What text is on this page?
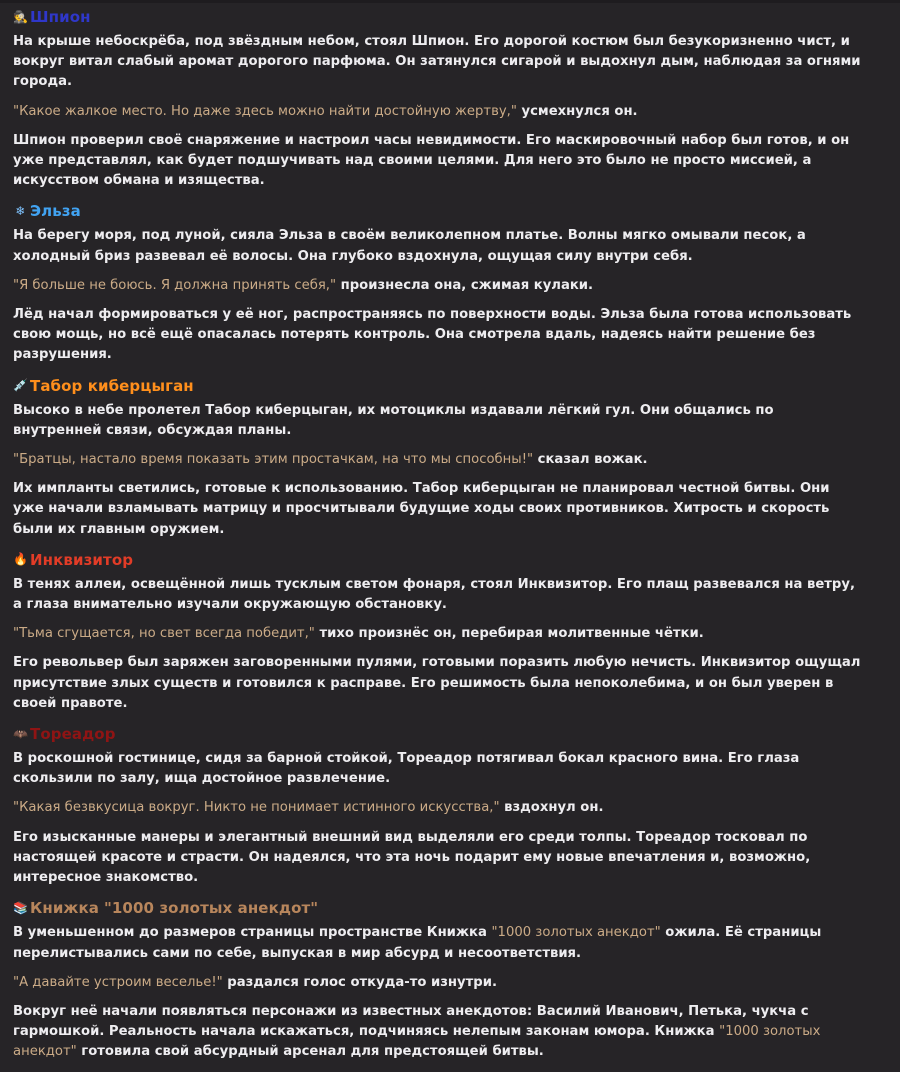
🕵 Шпион

На крыше небоскрёба, под звёздным небом, стоял Шпион. Его дорогой костюм был безукоризненно чист, и вокруг витал слабый аромат дорогого парфюма. Он затянулся сигарой и выдохнул дым, наблюдая за огнями города.

"Какое жалкое место. Но даже здесь можно найти достойную жертву," усмехнулся он.

Шпион проверил своё снаряжение и настроил часы невидимости. Его маскировочный набор был готов, и он уже представлял, как будет подшучивать над своими целями. Для него это было не просто миссией, а искусством обмана и изящества.

❄ Эльза

На берегу моря, под луной, сияла Эльза в своём великолепном платье. Волны мягко омывали песок, а холодный бриз развевал её волосы. Она глубоко вздохнула, ощущая силу внутри себя.

"Я больше не боюсь. Я должна принять себя," произнесла она, сжимая кулаки.

Лёд начал формироваться у её ног, распространяясь по поверхности воды. Эльза была готова использовать свою мощь, но всё ещё опасалась потерять контроль. Она смотрела вдаль, надеясь найти решение без разрушения.

💉 Табор киберцыган

Высоко в небе пролетел Табор киберцыган, их мотоциклы издавали лёгкий гул. Они общались по внутренней связи, обсуждая планы.

"Братцы, настало время показать этим простачкам, на что мы способны!" сказал вожак.

Их импланты светились, готовые к использованию. Табор киберцыган не планировал честной битвы. Они уже начали взламывать матрицу и просчитывали будущие ходы своих противников. Хитрость и скорость были их главным оружием.

🔥 Инквизитор

В тенях аллеи, освещённой лишь тусклым светом фонаря, стоял Инквизитор. Его плащ развевался на ветру, а глаза внимательно изучали окружающую обстановку.

"Тьма сгущается, но свет всегда победит," тихо произнёс он, перебирая молитвенные чётки.

Его револьвер был заряжен заговоренными пулями, готовыми поразить любую нечисть. Инквизитор ощущал присутствие злых существ и готовился к расправе. Его решимость была непоколебима, и он был уверен в своей правоте.

🦇 Тореадор

В роскошной гостинице, сидя за барной стойкой, Тореадор потягивал бокал красного вина. Его глаза скользили по залу, ища достойное развлечение.

"Какая безвкусица вокруг. Никто не понимает истинного искусства," вздохнул он.

Его изысканные манеры и элегантный внешний вид выделяли его среди толпы. Тореадор тосковал по настоящей красоте и страсти. Он надеялся, что эта ночь подарит ему новые впечатления и, возможно, интересное знакомство.

📚 Книжка "1000 золотых анекдот"

В уменьшенном до размеров страницы пространстве Книжка "1000 золотых анекдот" ожила. Её страницы перелистывались сами по себе, выпуская в мир абсурд и несоответствия.

"А давайте устроим веселье!" раздался голос откуда-то изнутри.

Вокруг неё начали появляться персонажи из известных анекдотов: Василий Иванович, Петька, чукча с гармошкой. Реальность начала искажаться, подчиняясь нелепым законам юмора. Книжка "1000 золотых анекдот" готовила свой абсурдный арсенал для предстоящей битвы.
